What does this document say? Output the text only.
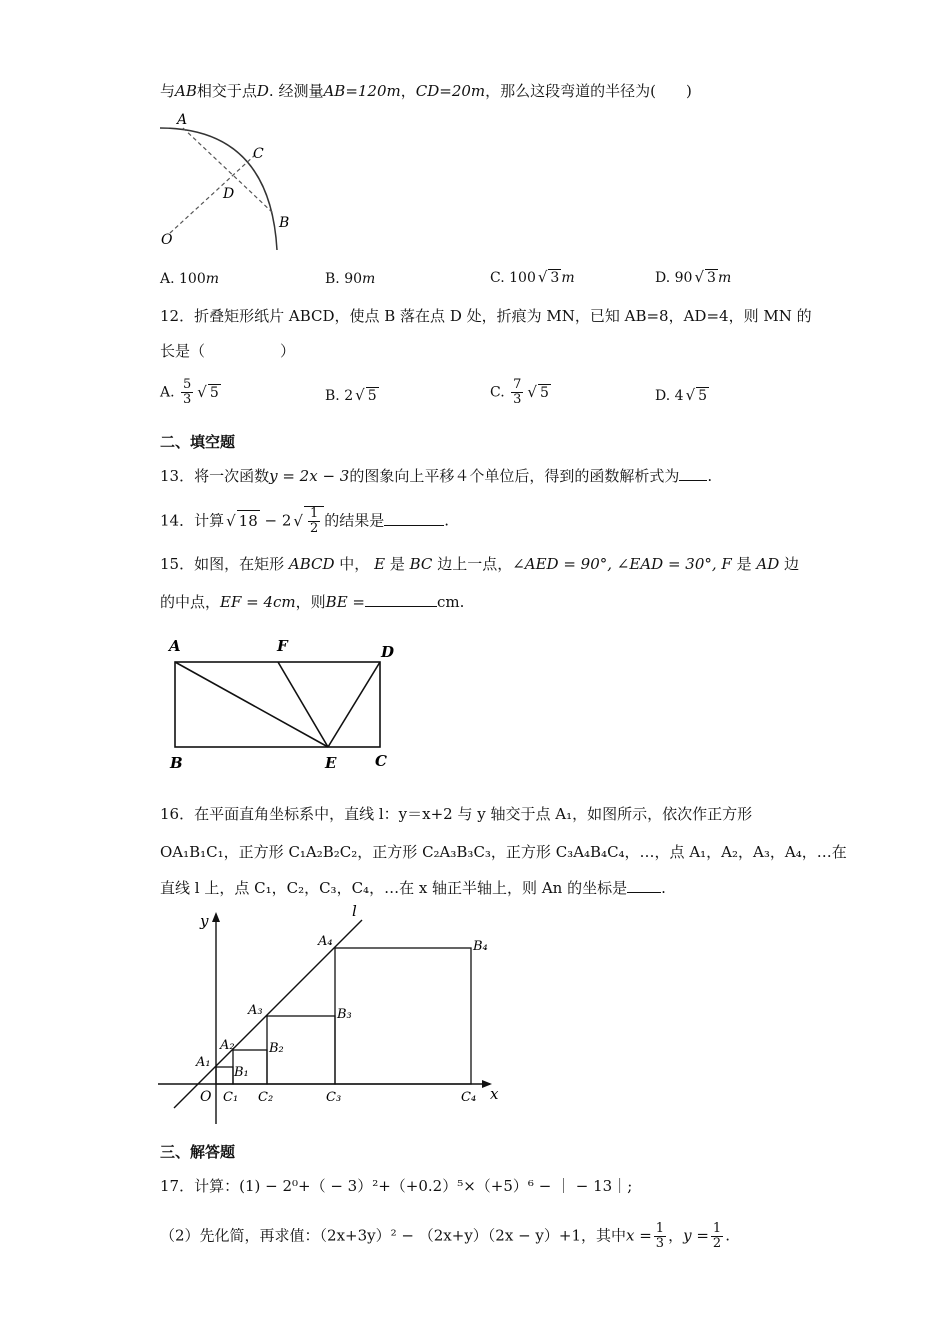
与AB相交于点D. 经测量AB=120m，CD=20m，那么这段弯道的半径为(　　)
A
C
D
B
O
A. 100m	B. 90m	C. 100 √ 3 m	D. 90 √ 3 m
12．折叠矩形纸片 ABCD，使点 B 落在点 D 处，折痕为 MN，已知 AB=8，AD=4，则 MN 的
长是（　　　　　）
A. $\frac{5}{3}$ √ 5	B. 2 √ 5	C. $\frac{7}{3}$ √ 5	D. 4 √ 5
二、填空题
13．将一次函数y = 2x − 3的图象向上平移４个单位后，得到的函数解析式为 .
14．计算 √ 18 − 2 √ $\frac{1}{2}$ 的结果是	.
15．如图，在矩形 ABCD 中， E 是 BC 边上一点，∠AED = 90°, ∠EAD = 30°, F 是 AD 边
的中点，EF = 4cm，则BE =	cm.
A	F	D
B	E	C
16．在平面直角坐标系中，直线 l：y＝x+2 与 y 轴交于点 A₁，如图所示，依次作正方形
OA₁B₁C₁，正方形 C₁A₂B₂C₂，正方形 C₂A₃B₃C₃，正方形 C₃A₄B₄C₄，…，点 A₁，A₂，A₃，A₄，…在
直线 l 上，点 C₁，C₂，C₃，C₄，…在 x 轴正半轴上，则 An 的坐标是 .
y
x
l
O
A₁
A₂
A₃
A₄
B₁
B₂
B₃
B₄
C₁ C₂	C₃	C₄
三、解答题
17．计算：(1) − 2⁰+（ − 3）²+（+0.2）⁵×（+5）⁶ − ｜ − 13｜;
（2）先化简，再求值：（2x+3y）² − （2x+y）（2x − y）+1，其中$x = \frac{1}{3}$ ，$y = \frac{1}{2}$ .
